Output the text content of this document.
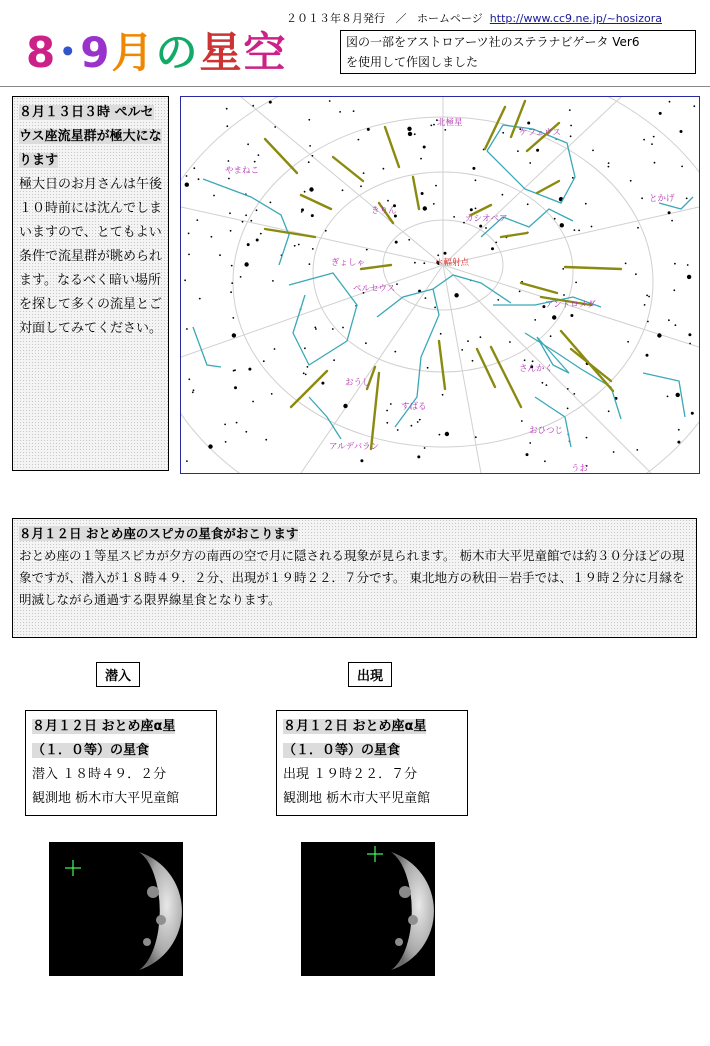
２０１３年８月発行 ／ ホームページ http://www.cc9.ne.jp/~hosizora
8･9月の星空	図の一部をアストロアーツ社のステラナビゲータ Ver6
を使用して作図しました
８月１３日３時 ペルセウス座流星群が極大になります
極大日のお月さんは午後１０時前には沈んでしまいますので、とてもよい条件で流星群が眺められます。なるべく暗い場所を探して多くの流星とご対面してみてください。
北極星
ケフェウス
やまねこ
とかげ
きりん
カシオペア
＊輻射点
ぎょしゃ
ペルセウス
アンドロメダ
さんかく
おうし
すばる
アルデバラン
おひつじ
うお
８月１２日 おとめ座のスピカの星食がおこります
おとめ座の１等星スピカが夕方の南西の空で月に隠される現象が見られます。 栃木市大平児童館では約３０分ほどの現象ですが、潜入が１８時４９．２分、出現が１９時２２．７分です。 東北地方の秋田－岩手では、１９時２分に月縁を明滅しながら通過する限界線星食となります。
潜入	出現
８月１２日 おとめ座α星
（１．０等）の星食
潜入 １８時４９．２分
観測地 栃木市大平児童館
８月１２日 おとめ座α星
（１．０等）の星食
出現 １９時２２．７分
観測地 栃木市大平児童館
